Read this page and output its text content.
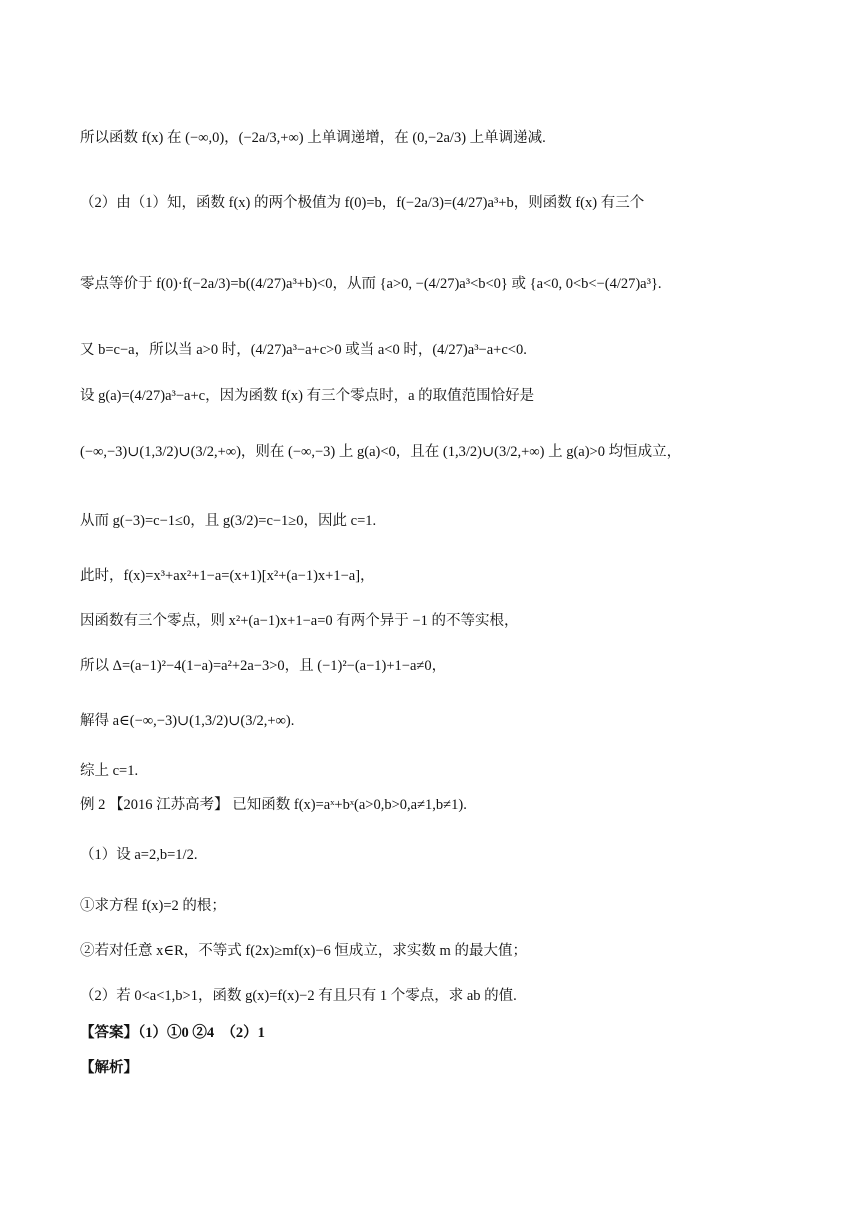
所以函数 f(x) 在 (−∞,0)，(−2a/3,+∞) 上单调递增，在 (0,−2a/3) 上单调递减.
（2）由（1）知，函数 f(x) 的两个极值为 f(0)=b，f(−2a/3)=(4/27)a³+b，则函数 f(x) 有三个
零点等价于 f(0)·f(−2a/3)=b((4/27)a³+b)<0，从而 {a>0, −(4/27)a³<b<0} 或 {a<0, 0<b<−(4/27)a³}.
又 b=c−a，所以当 a>0 时，(4/27)a³−a+c>0 或当 a<0 时，(4/27)a³−a+c<0.
设 g(a)=(4/27)a³−a+c，因为函数 f(x) 有三个零点时，a 的取值范围恰好是
(−∞,−3)∪(1,3/2)∪(3/2,+∞)，则在 (−∞,−3) 上 g(a)<0，且在 (1,3/2)∪(3/2,+∞) 上 g(a)>0 均恒成立，
从而 g(−3)=c−1≤0，且 g(3/2)=c−1≥0，因此 c=1.
此时，f(x)=x³+ax²+1−a=(x+1)[x²+(a−1)x+1−a]，
因函数有三个零点，则 x²+(a−1)x+1−a=0 有两个异于 −1 的不等实根，
所以 Δ=(a−1)²−4(1−a)=a²+2a−3>0，且 (−1)²−(a−1)+1−a≠0，
解得 a∈(−∞,−3)∪(1,3/2)∪(3/2,+∞).
综上 c=1.
例 2 【2016 江苏高考】 已知函数 f(x)=aˣ+bˣ(a>0,b>0,a≠1,b≠1).
（1）设 a=2,b=1/2.
①求方程 f(x)=2 的根；
②若对任意 x∈R，不等式 f(2x)≥mf(x)−6 恒成立，求实数 m 的最大值；
（2）若 0<a<1,b>1，函数 g(x)=f(x)−2 有且只有 1 个零点，求 ab 的值.
【答案】（1）①0 ②4　（2）1
【解析】
